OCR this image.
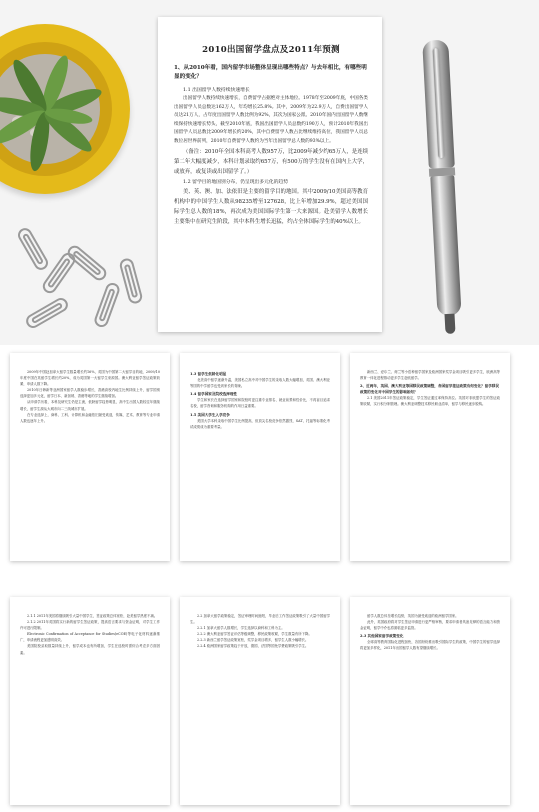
2010出国留学盘点及2011年预测

1、从2010年看，国内留学市场整体呈现出哪些特点？与去年相比，有哪些明显的变化？

1.1 出国留学人数持续快速增长

出国留学人数持续快速增长，自费留学占据绝对主体地位。1978年至2009年底，中国各类出国留学人员总数达162万人，年均增长25.8%。其中，2009年为22.9万人，自费出国留学人员达21万人，占年度出国留学人数比例为92%，其次为国家公派。2010年国内出国留学人数继续保持快速增长势头，截至2010年底，我国出国留学人员总数约190万人，预计2010年我国出国留学人员总数比2009年增长约20%，其中自费留学人数占比继续维持高位，我国留学人员总数位居世界前列，2010年自费留学人数约为当年出国留学总人数的93%以上。

（备注：2010年全国本科高考人数957万，比2009年减少约65万人，是连续第二年大幅度减少，本科计划录取约657万，有500万的学生没有在国内上大学，或放弃，或复读或出国留学了。）

1.2 留学目的地国别分布，仍呈现出多元化的趋势

美、英、澳、加、法依旧是主要的留学目的地国。其中2009/10美国高等教育机构中的中国学生人数从98235增至127628，比上年增加29.9%，超过美国国际学生总人数的18%，再次成为美国国际学生第一大来源国。赴美留学人数增长主要集中在研究生阶段，其中本科生增长迅猛，约占全体国际学生的40%以上。

2009年中国赴加拿大留学生数量增长约16%，英国为中国第二大留学目的地，2009/10年度中国在英留学生增长约20%，成为英国第一大留学生来源国。澳大利亚留学签证政策收紧，申请人数下降。

2010年日韩新等亚洲国家留学人数稳步增长，香港高校内地生比例持续上升，留学国别选择更加多元化，留学日本、新加坡、香港等地的学生继续增加。

从申请学历看，本科及研究生仍是主流，低龄留学趋势明显，高中生出国人数较往年继续增长，留学生源从大城市向二三线城市扩展。

在专业选择上，商科、工科、计算机和金融依旧最受欢迎，传媒、艺术、教育等专业申请人数也逐年上升。

1.3 留学生低龄化明显

北美高中留学逐渐升温，美国私立高中对中国学生的录取人数大幅增加，英国、澳大利亚等国的中学留学也受到家长的青睐。

1.4 留学国家及院校选择理性

学生和家长在选择留学国家和院校时更注重专业排名、就业前景和性价比，不再盲目追求名校，留学咨询和服务机构的作用日益重要。

1.5 美国大学生入学竞争

美国大学本科录取中国学生比例提高，但顶尖名校竞争依然激烈，SAT、托福等标准化考试成绩成为重要考量。

新西兰、爱尔兰、荷兰等小语种留学国家及欧洲国家奖学金项目吸引更多学生，欧洲高等教育一体化进程推动更多学生赴欧留学。

2、近两年，英国、澳大利亚等国移民政策调整，各国留学签证政策有何变化？留学移民政策的变化对中国学生的影响如何？

2.1 美国2011年签证政策稳定，学生签证通过率保持高位。英国对非欧盟学生的签证政策收紧，实行积分制管理。澳大利亚调整技术移民职业清单，留学与移民逐步脱钩。

2.1.1 2011年美国将继续吸引大量中国学生，签证政策总体宽松，赴美留学热度不减。

2.1.2 2011年英国将实行新的留学生签证政策，提高语言要求与资金证明，对学生工作许可进行限制。

Electronic Confirmation of Acceptance for Studies(eCOE)等电子化材料逐渐推广，申请流程更加透明高效。

美国院校录取数量持续上升，留学成本也有所增加，学生在选校时需综合考虑多方面因素。

2.2 加拿大留学政策稳定，签证审理时间缩短，毕业后工作签证政策吸引了大量中国留学生。

2.2.1 加拿大留学人数增长，学生选择以商科和工科为主。

2.2.2 澳大利亚留学签证评估等级调整，移民政策收紧，学生数量有所下降。

2.2.3 新西兰留学签证政策宽松，奖学金项目增多，留学生人数小幅增长。

2.2.4 欧洲国家留学政策趋于开放，德国、法国等国免学费政策吸引学生。

留学人数总体呈增长趋势，英国为最受欢迎的欧洲留学国家。

此外，英国政府将对学生签证申请进行更严格审核，要求申请者具备足够的语言能力和资金证明，留学中介也将面临更多监管。

2.3 其他国家留学政策变化

全球高等教育国际化进程加快，各国纷纷推出吸引国际学生的政策，中国学生的留学选择将更加多样化，2011年出国留学人数有望继续增长。
